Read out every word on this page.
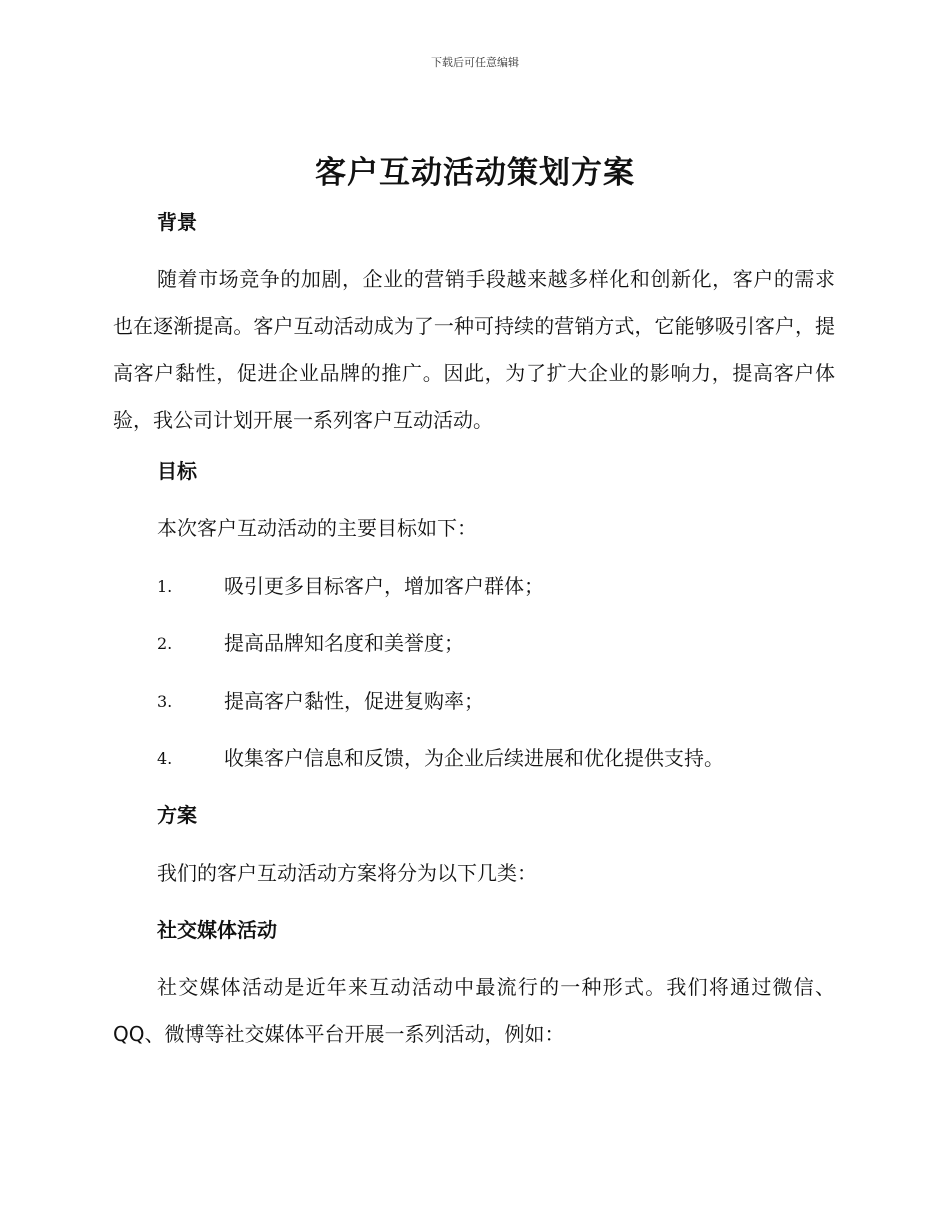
下载后可任意编辑
客户互动活动策划方案
背景

随着市场竞争的加剧，企业的营销手段越来越多样化和创新化，客户的需求也在逐渐提高。客户互动活动成为了一种可持续的营销方式，它能够吸引客户，提高客户黏性，促进企业品牌的推广。因此，为了扩大企业的影响力，提高客户体验，我公司计划开展一系列客户互动活动。

目标

本次客户互动活动的主要目标如下：

1.	吸引更多目标客户，增加客户群体；
2.	提高品牌知名度和美誉度；
3.	提高客户黏性，促进复购率；
4.	收集客户信息和反馈，为企业后续进展和优化提供支持。
方案

我们的客户互动活动方案将分为以下几类：

社交媒体活动

社交媒体活动是近年来互动活动中最流行的一种形式。我们将通过微信、QQ、微博等社交媒体平台开展一系列活动，例如：
